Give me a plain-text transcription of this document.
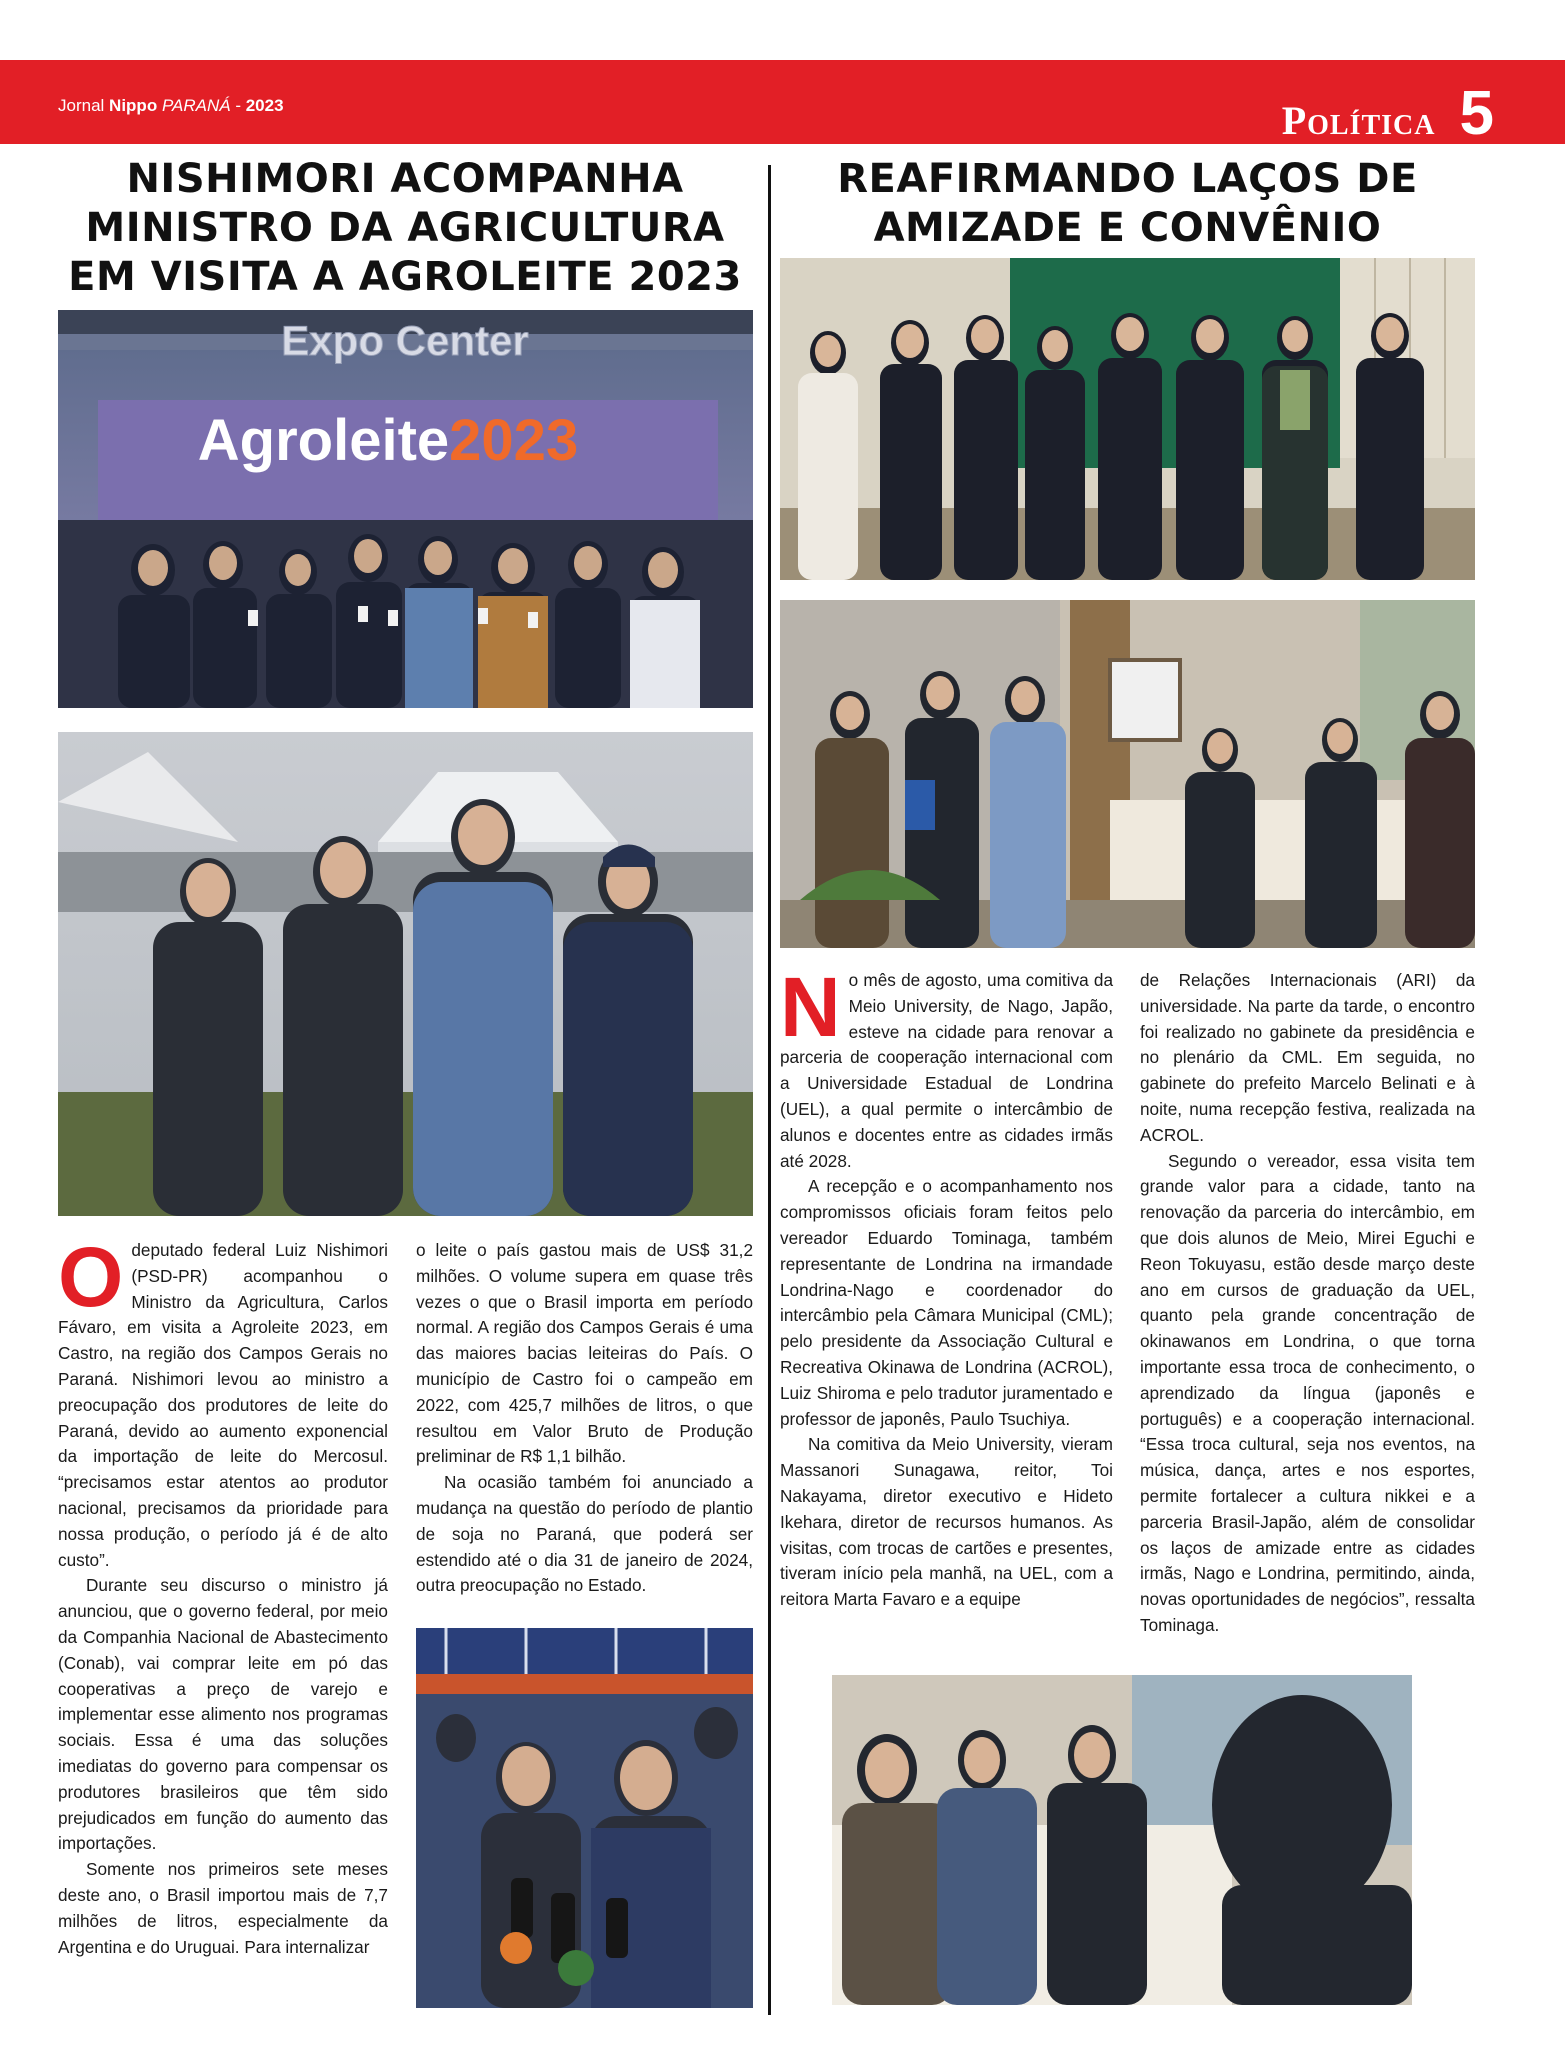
Jornal Nippo PARANÁ - 2023	Política 5
NISHIMORI ACOMPANHA MINISTRO DA AGRICULTURA EM VISITA A AGROLEITE 2023
REAFIRMANDO LAÇOS DE AMIZADE E CONVÊNIO
Expo Center
Agroleite2023

O deputado federal Luiz Nishimori (PSD-PR) acompanhou o Ministro da Agricultura, Carlos Fávaro, em visita a Agroleite 2023, em Castro, na região dos Campos Gerais no Paraná. Nishimori levou ao ministro a preocupação dos produtores de leite do Paraná, devido ao aumento exponencial da importação de leite do Mercosul. “precisamos estar atentos ao produtor nacional, precisamos da prioridade para nossa produção, o período já é de alto custo”.

Durante seu discurso o ministro já anunciou, que o governo federal, por meio da Companhia Nacional de Abastecimento (Conab), vai comprar leite em pó das cooperativas a preço de varejo e implementar esse alimento nos programas sociais. Essa é uma das soluções imediatas do governo para compensar os produtores brasileiros que têm sido prejudicados em função do aumento das importações.

Somente nos primeiros sete meses deste ano, o Brasil importou mais de 7,7 milhões de litros, especialmente da Argentina e do Uruguai. Para internalizar

o leite o país gastou mais de US$ 31,2 milhões. O volume supera em quase três vezes o que o Brasil importa em período normal. A região dos Campos Gerais é uma das maiores bacias leiteiras do País. O município de Castro foi o campeão em 2022, com 425,7 milhões de litros, o que resultou em Valor Bruto de Produção preliminar de R$ 1,1 bilhão.

Na ocasião também foi anunciado a mudança na questão do período de plantio de soja no Paraná, que poderá ser estendido até o dia 31 de janeiro de 2024, outra preocupação no Estado.

No mês de agosto, uma comitiva da Meio University, de Nago, Japão, esteve na cidade para renovar a parceria de cooperação internacional com a Universidade Estadual de Londrina (UEL), a qual permite o intercâmbio de alunos e docentes entre as cidades irmãs até 2028.

A recepção e o acompanhamento nos compromissos oficiais foram feitos pelo vereador Eduardo Tominaga, também representante de Londrina na irmandade Londrina-Nago e coordenador do intercâmbio pela Câmara Municipal (CML); pelo presidente da Associação Cultural e Recreativa Okinawa de Londrina (ACROL), Luiz Shiroma e pelo tradutor juramentado e professor de japonês, Paulo Tsuchiya.

Na comitiva da Meio University, vieram Massanori Sunagawa, reitor, Toi Nakayama, diretor executivo e Hideto Ikehara, diretor de recursos humanos. As visitas, com trocas de cartões e presentes, tiveram início pela manhã, na UEL, com a reitora Marta Favaro e a equipe

de Relações Internacionais (ARI) da universidade. Na parte da tarde, o encontro foi realizado no gabinete da presidência e no plenário da CML. Em seguida, no gabinete do prefeito Marcelo Belinati e à noite, numa recepção festiva, realizada na ACROL.

Segundo o vereador, essa visita tem grande valor para a cidade, tanto na renovação da parceria do intercâmbio, em que dois alunos de Meio, Mirei Eguchi e Reon Tokuyasu, estão desde março deste ano em cursos de graduação da UEL, quanto pela grande concentração de okinawanos em Londrina, o que torna importante essa troca de conhecimento, o aprendizado da língua (japonês e português) e a cooperação internacional. “Essa troca cultural, seja nos eventos, na música, dança, artes e nos esportes, permite fortalecer a cultura nikkei e a parceria Brasil-Japão, além de consolidar os laços de amizade entre as cidades irmãs, Nago e Londrina, permitindo, ainda, novas oportunidades de negócios”, ressalta Tominaga.
